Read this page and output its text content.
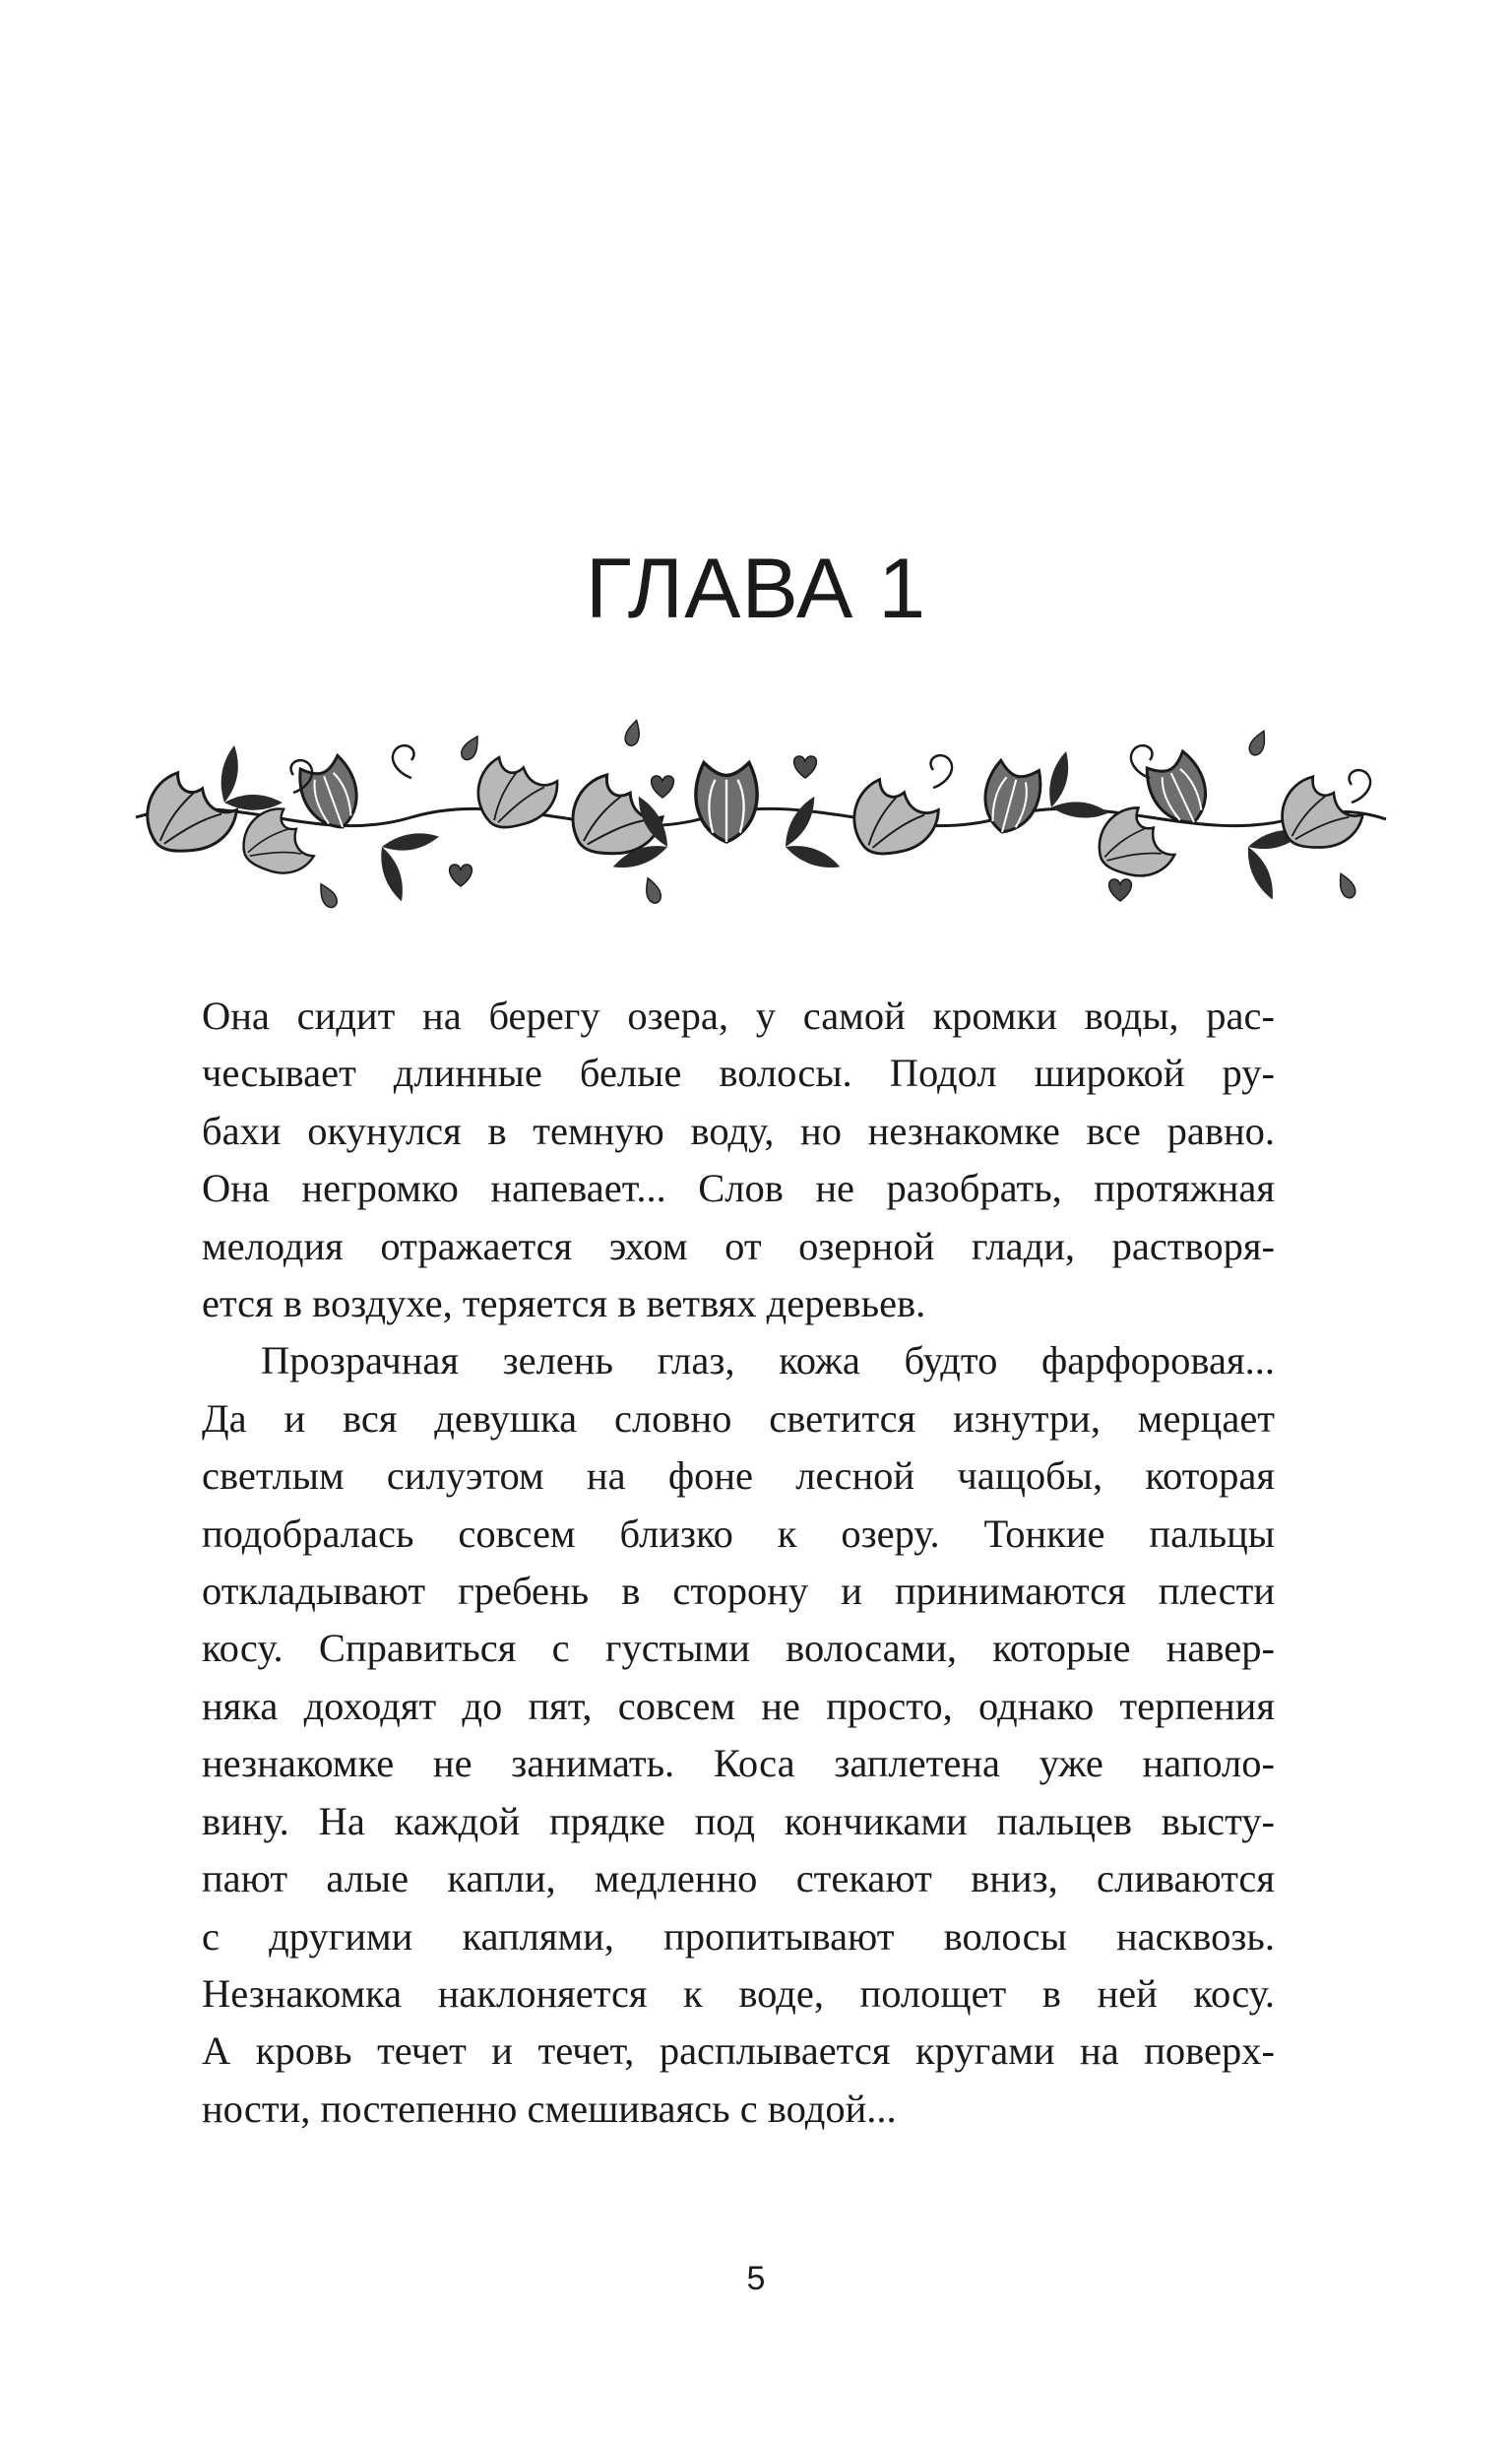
ГЛАВА 1

Она сидит на берегу озера, у самой кромки воды, рас-
чесывает длинные белые волосы. Подол широкой ру-
бахи окунулся в темную воду, но незнакомке все равно.
Она негромко напевает... Слов не разобрать, протяжная
мелодия отражается эхом от озерной глади, растворя-
ется в воздухе, теряется в ветвях деревьев.

Прозрачная зелень глаз, кожа будто фарфоровая...
Да и вся девушка словно светится изнутри, мерцает
светлым силуэтом на фоне лесной чащобы, которая
подобралась совсем близко к озеру. Тонкие пальцы
откладывают гребень в сторону и принимаются плести
косу. Справиться с густыми волосами, которые навер-
няка доходят до пят, совсем не просто, однако терпения
незнакомке не занимать. Коса заплетена уже наполо-
вину. На каждой прядке под кончиками пальцев высту-
пают алые капли, медленно стекают вниз, сливаются
с другими каплями, пропитывают волосы насквозь.
Незнакомка наклоняется к воде, полощет в ней косу.
А кровь течет и течет, расплывается кругами на поверх-
ности, постепенно смешиваясь с водой...

5
